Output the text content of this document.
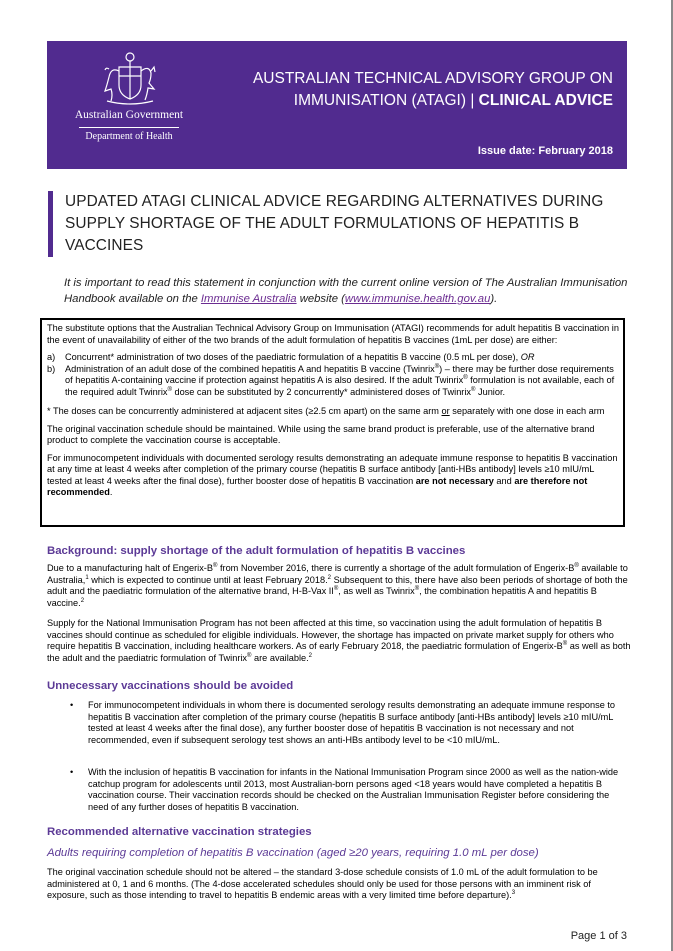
Australian Government
Department of Health
AUSTRALIAN TECHNICAL ADVISORY GROUP ON
IMMUNISATION (ATAGI) | CLINICAL ADVICE
Issue date: February 2018
UPDATED ATAGI CLINICAL ADVICE REGARDING ALTERNATIVES DURING SUPPLY SHORTAGE OF THE ADULT FORMULATIONS OF HEPATITIS B VACCINES
It is important to read this statement in conjunction with the current online version of The Australian Immunisation Handbook available on the Immunise Australia website (www.immunise.health.gov.au).

The substitute options that the Australian Technical Advisory Group on Immunisation (ATAGI) recommends for adult hepatitis B vaccination in the event of unavailability of either of the two brands of the adult formulation of hepatitis B vaccines (1mL per dose) are either:

a)	Concurrent* administration of two doses of the paediatric formulation of a hepatitis B vaccine (0.5 mL per dose), OR
b)	Administration of an adult dose of the combined hepatitis A and hepatitis B vaccine (Twinrix®) – there may be further dose requirements of hepatitis A-containing vaccine if protection against hepatitis A is also desired. If the adult Twinrix® formulation is not available, each of the required adult Twinrix® dose can be substituted by 2 concurrently* administered doses of Twinrix® Junior.

* The doses can be concurrently administered at adjacent sites (≥2.5 cm apart) on the same arm or separately with one dose in each arm

The original vaccination schedule should be maintained. While using the same brand product is preferable, use of the alternative brand product to complete the vaccination course is acceptable.

For immunocompetent individuals with documented serology results demonstrating an adequate immune response to hepatitis B vaccination at any time at least 4 weeks after completion of the primary course (hepatitis B surface antibody [anti-HBs antibody] levels ≥10 mIU/mL tested at least 4 weeks after the final dose), further booster dose of hepatitis B vaccination are not necessary and are therefore not recommended.

Background: supply shortage of the adult formulation of hepatitis B vaccines

Due to a manufacturing halt of Engerix-B® from November 2016, there is currently a shortage of the adult formulation of Engerix-B® available to Australia,$^1$ which is expected to continue until at least February 2018.$^2$ Subsequent to this, there have also been periods of shortage of both the adult and the paediatric formulation of the alternative brand, H-B-Vax II®, as well as Twinrix®, the combination hepatitis A and hepatitis B vaccine.$^2$

Supply for the National Immunisation Program has not been affected at this time, so vaccination using the adult formulation of hepatitis B vaccines should continue as scheduled for eligible individuals. However, the shortage has impacted on private market supply for others who require hepatitis B vaccination, including healthcare workers. As of early February 2018, the paediatric formulation of Engerix-B® as well as both the adult and the paediatric formulation of Twinrix® are available.$^2$

Unnecessary vaccinations should be avoided
• For immunocompetent individuals in whom there is documented serology results demonstrating an adequate immune response to hepatitis B vaccination after completion of the primary course (hepatitis B surface antibody [anti-HBs antibody] levels ≥10 mIU/mL tested at least 4 weeks after the final dose), any further booster dose of hepatitis B vaccination is not necessary and not recommended, even if subsequent serology test shows an anti-HBs antibody level to be <10 mIU/mL.
• With the inclusion of hepatitis B vaccination for infants in the National Immunisation Program since 2000 as well as the nation-wide catchup program for adolescents until 2013, most Australian-born persons aged <18 years would have completed a hepatitis B vaccination course. Their vaccination records should be checked on the Australian Immunisation Register before considering the need of any further doses of hepatitis B vaccination.
Recommended alternative vaccination strategies
Adults requiring completion of hepatitis B vaccination (aged ≥20 years, requiring 1.0 mL per dose)

The original vaccination schedule should not be altered – the standard 3-dose schedule consists of 1.0 mL of the adult formulation to be administered at 0, 1 and 6 months. (The 4-dose accelerated schedules should only be used for those persons with an imminent risk of exposure, such as those intending to travel to hepatitis B endemic areas with a very limited time before departure).$^3$

Page 1 of 3
